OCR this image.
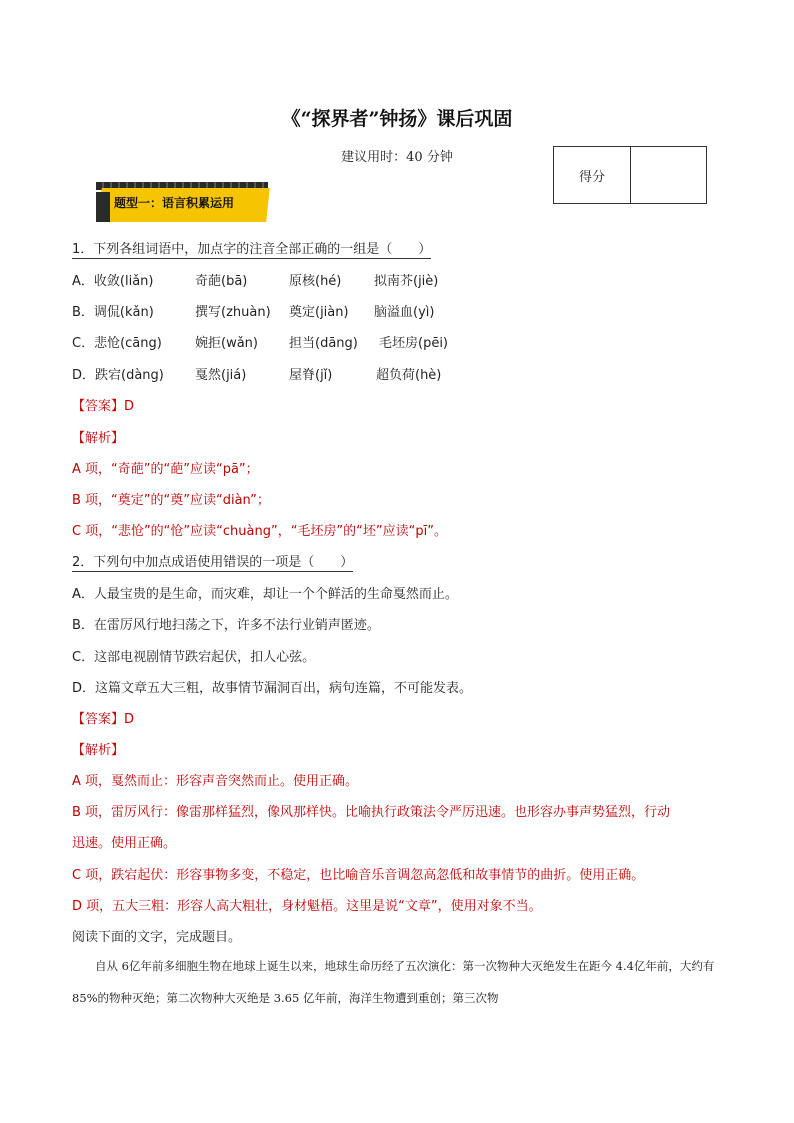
《“探界者”钟扬》课后巩固
建议用时：40 分钟
得分
题型一：语言积累运用
1．下列各组词语中，加点字的注音全部正确的一组是（　　）
A．收敛(liǎn)	奇葩(bā)	原核(hé)	拟南芥(jiè)
B．调侃(kǎn)	撰写(zhuàn) 奠定(jiàn) 脑溢血(yì)
C．悲怆(cāng)	婉拒(wǎn) 担当(dāng) 毛坯房(pēi)
D．跌宕(dàng) 戛然(jiá)	屋脊(jǐ)	超负荷(hè)
【答案】D
【解析】
A 项，“奇葩”的“葩”应读“pā”；
B 项，“奠定”的“奠”应读“diàn”；
C 项，“悲怆”的“怆”应读“chuàng”，“毛坯房”的“坯”应读“pī”。
2．下列句中加点成语使用错误的一项是（　　）
A．人最宝贵的是生命，而灾难，却让一个个鲜活的生命戛然而止。
B．在雷厉风行地扫荡之下，许多不法行业销声匿迹。
C．这部电视剧情节跌宕起伏，扣人心弦。
D．这篇文章五大三粗，故事情节漏洞百出，病句连篇，不可能发表。
【答案】D
【解析】
A 项，戛然而止：形容声音突然而止。使用正确。
B 项，雷厉风行：像雷那样猛烈，像风那样快。比喻执行政策法令严厉迅速。也形容办事声势猛烈，行动
迅速。使用正确。
C 项，跌宕起伏：形容事物多变，不稳定，也比喻音乐音调忽高忽低和故事情节的曲折。使用正确。
D 项，五大三粗：形容人高大粗壮，身材魁梧。这里是说“文章”，使用对象不当。
阅读下面的文字，完成题目。
自从 6亿年前多细胞生物在地球上诞生以来，地球生命历经了五次演化：第一次物种大灭绝发生在距今 4.4亿年前，大约有 85%的物种灭绝；第二次物种大灭绝是 3.65 亿年前，海洋生物遭到重创；第三次物
